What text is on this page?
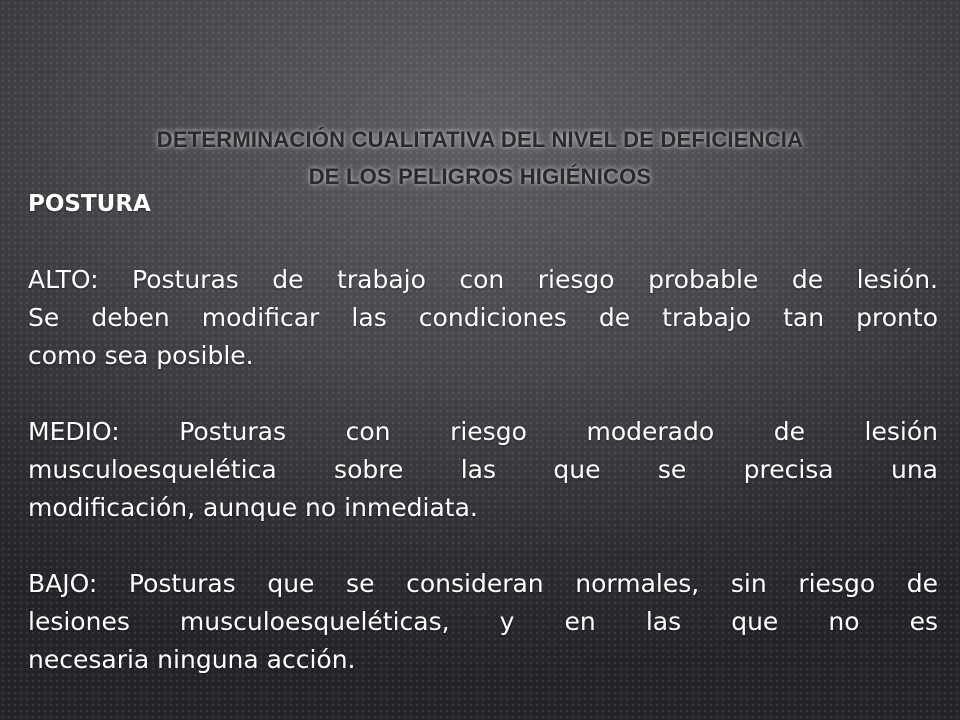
DETERMINACIÓN CUALITATIVA DEL NIVEL DE DEFICIENCIA
DE LOS PELIGROS HIGIÉNICOS
POSTURA
ALTO: Posturas de trabajo con riesgo probable de lesión.
Se deben modificar las condiciones de trabajo tan pronto
como sea posible.
MEDIO: Posturas con riesgo moderado de lesión
musculoesquelética sobre las que se precisa una
modificación, aunque no inmediata.
BAJO: Posturas que se consideran normales, sin riesgo de
lesiones musculoesqueléticas, y en las que no es
necesaria ninguna acción.
